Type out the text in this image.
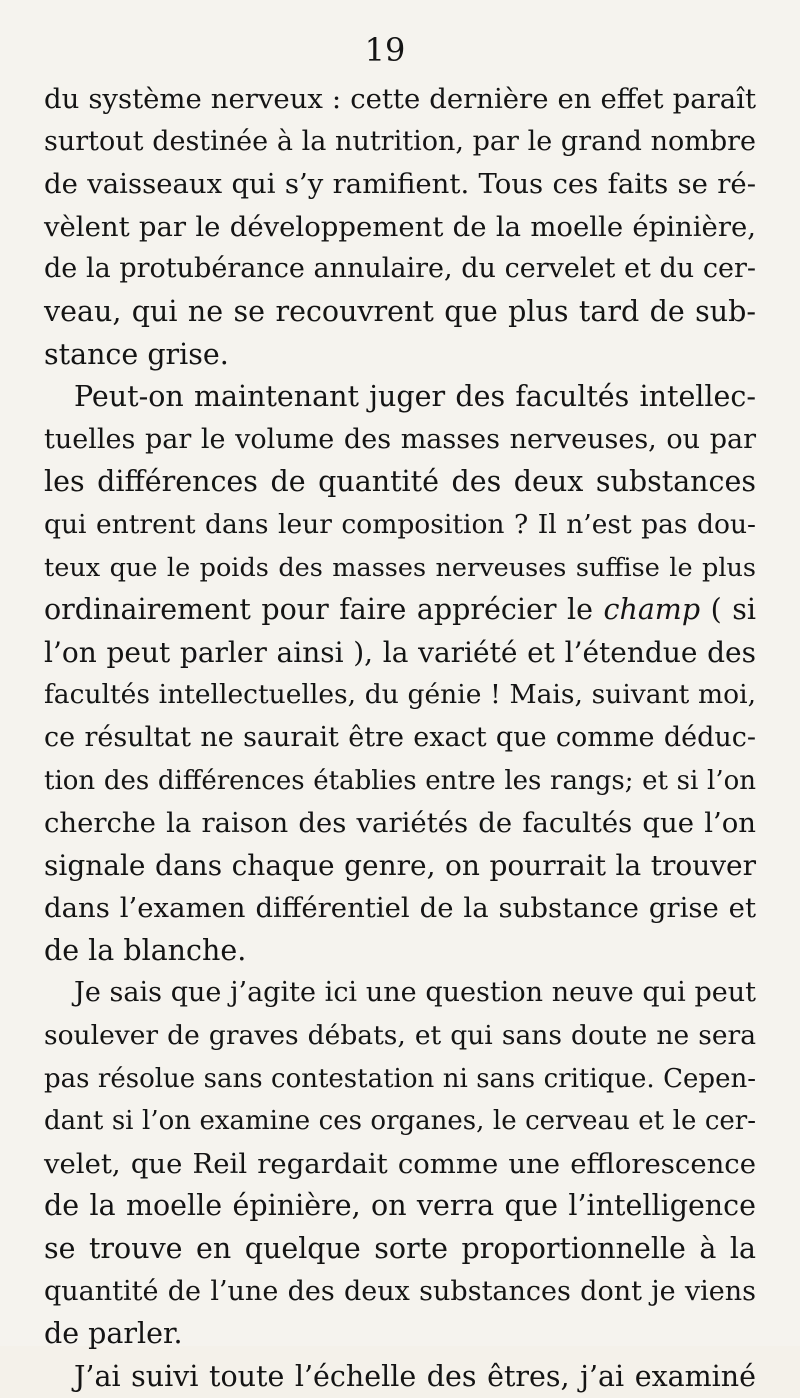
19
du système nerveux : cette dernière en effet paraît
surtout destinée à la nutrition, par le grand nombre
de vaisseaux qui s’y ramifient. Tous ces faits se ré-
vèlent par le développement de la moelle épinière,
de la protubérance annulaire, du cervelet et du cer-
veau, qui ne se recouvrent que plus tard de sub-
stance grise.
Peut-on maintenant juger des facultés intellec-
tuelles par le volume des masses nerveuses, ou par
les différences de quantité des deux substances
qui entrent dans leur composition ? Il n’est pas dou-
teux que le poids des masses nerveuses suffise le plus
ordinairement pour faire apprécier le champ ( si
l’on peut parler ainsi ), la variété et l’étendue des
facultés intellectuelles, du génie ! Mais, suivant moi,
ce résultat ne saurait être exact que comme déduc-
tion des différences établies entre les rangs; et si l’on
cherche la raison des variétés de facultés que l’on
signale dans chaque genre, on pourrait la trouver
dans l’examen différentiel de la substance grise et
de la blanche.
Je sais que j’agite ici une question neuve qui peut
soulever de graves débats, et qui sans doute ne sera
pas résolue sans contestation ni sans critique. Cepen-
dant si l’on examine ces organes, le cerveau et le cer-
velet, que Reil regardait comme une efflorescence
de la moelle épinière, on verra que l’intelligence
se trouve en quelque sorte proportionnelle à la
quantité de l’une des deux substances dont je viens
de parler.
J’ai suivi toute l’échelle des êtres, j’ai examiné
